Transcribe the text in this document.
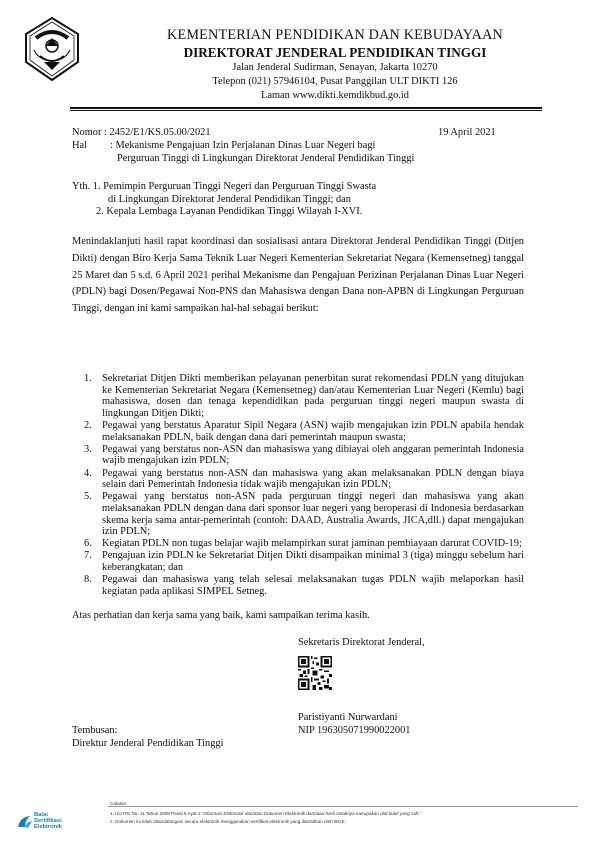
KEMENTERIAN PENDIDIKAN DAN KEBUDAYAAN
DIREKTORAT JENDERAL PENDIDIKAN TINGGI
Jalan Jenderal Sudirman, Senayan, Jakarta 10270
Telepon (021) 57946104, Pusat Panggilan ULT DIKTI 126
Laman www.dikti.kemdikbud.go.id
Nomor : 2452/E1/KS.05.00/2021	19 April 2021
Hal : Mekanisme Pengajuan Izin Perjalanan Dinas Luar Negeri bagi
Perguruan Tinggi di Lingkungan Direktorat Jenderal Pendidikan Tinggi
Yth. 1. Pemimpin Perguruan Tinggi Negeri dan Perguruan Tinggi Swasta
di Lingkungan Direktorat Jenderal Pendidikan Tinggi; dan
2. Kepala Lembaga Layanan Pendidikan Tinggi Wilayah I-XVI.
Menindaklanjuti hasil rapat koordinasi dan sosialisasi antara Direktorat Jenderal Pendidikan Tinggi (Ditjen Dikti) dengan Biro Kerja Sama Teknik Luar Negeri Kementerian Sekretariat Negara (Kemensetneg) tanggal 25 Maret dan 5 s.d. 6 April 2021 perihal Mekanisme dan Pengajuan Perizinan Perjalanan Dinas Luar Negeri (PDLN) bagi Dosen/Pegawai Non-PNS dan Mahasiswa dengan Dana non-APBN di Lingkungan Perguruan Tinggi, dengan ini kami sampaikan hal-hal sebagai berikut:
1. Sekretariat Ditjen Dikti memberikan pelayanan penerbitan surat rekomendasi PDLN yang ditujukan ke Kementerian Sekretariat Negara (Kemensetneg) dan/atau Kementerian Luar Negeri (Kemlu) bagi mahasiswa, dosen dan tenaga kependidikan pada perguruan tinggi negeri maupun swasta di lingkungan Ditjen Dikti;
2. Pegawai yang berstatus Aparatur Sipil Negara (ASN) wajib mengajukan izin PDLN apabila hendak melaksanakan PDLN, baik dengan dana dari pemerintah maupun swasta;
3. Pegawai yang berstatus non-ASN dan mahasiswa yang dibiayai oleh anggaran pemerintah Indonesia wajib mengajukan izin PDLN;
4. Pegawai yang berstatus non-ASN dan mahasiswa yang akan melaksanakan PDLN dengan biaya selain dari Pemerintah Indonesia tidak wajib mengajukan izin PDLN;
5. Pegawai yang berstatus non-ASN pada perguruan tinggi negeri dan mahasiswa yang akan melaksanakan PDLN dengan dana dari sponsor luar negeri yang beroperasi di Indonesia berdasarkan skema kerja sama antar-pemerintah (contoh: DAAD, Australia Awards, JICA,dll.) dapat mengajukan izin PDLN;
6. Kegiatan PDLN non tugas belajar wajib melampirkan surat jaminan pembiayaan darurat COVID-19;
7. Pengajuan izin PDLN ke Sekretariat Ditjen Dikti disampaikan minimal 3 (tiga) minggu sebelum hari keberangkatan; dan
8. Pegawai dan mahasiswa yang telah selesai melaksanakan tugas PDLN wajib melaporkan hasil kegiatan pada aplikasi SIMPEL Setneg.
Atas perhatian dan kerja sama yang baik, kami sampaikan terima kasih.
Sekretaris Direktorat Jenderal,
Paristiyanti Nurwardani
NIP 196305071990022001
Tembusan:
Direktur Jenderal Pendidikan Tinggi
Catatan :
1. UU ITE No. 11 Tahun 2008 Pasal 5 Ayat 1 “Informasi Elektronik dan/atau Dokumen Elektronik dan/atau hasil cetaknya merupakan alat bukti yang sah.”
2. Dokumen ini telah ditandatangani secara elektronik menggunakan sertifikat elektronik yang diterbitkan oleh BSrE.
Balai
Sertifikasi
Elektronik
